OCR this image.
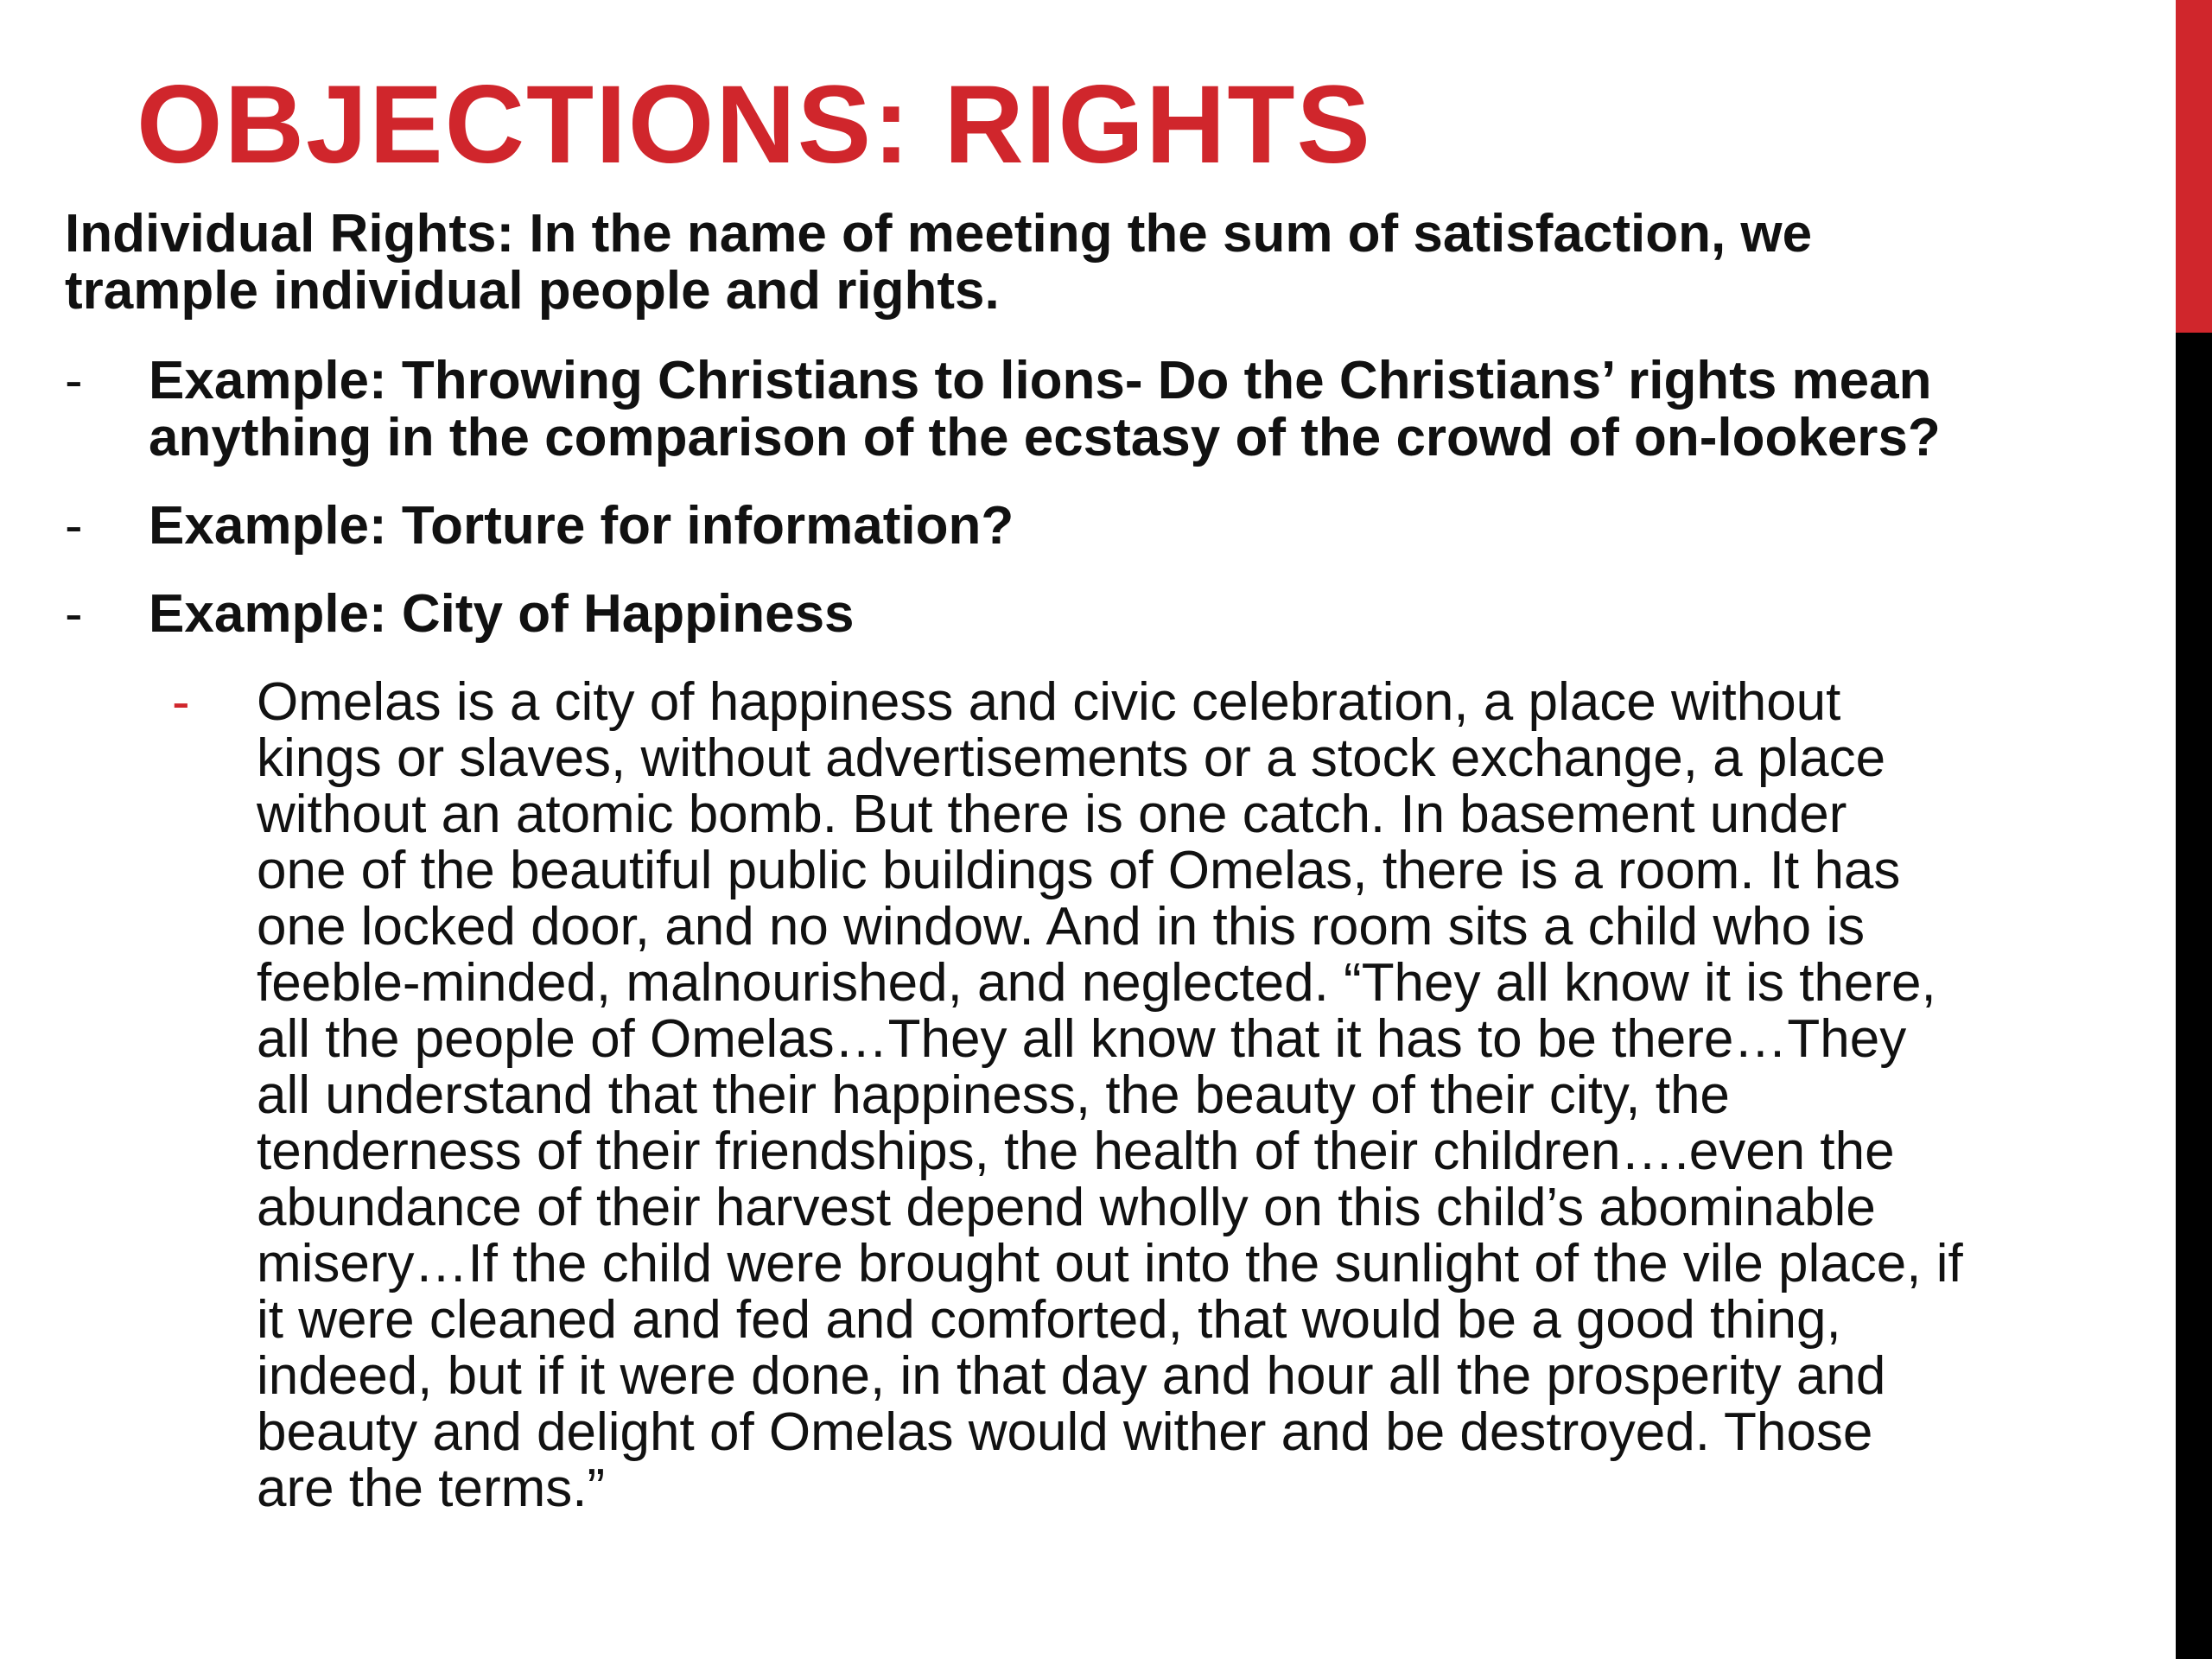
OBJECTIONS: RIGHTS

Individual Rights: In the name of meeting the sum of satisfaction, we
trample individual people and rights.

-	Example: Throwing Christians to lions- Do the Christians’ rights mean
anything in the comparison of the ecstasy of the crowd of on-lookers?
-	Example: Torture for information?
-	Example: City of Happiness
- Omelas is a city of happiness and civic celebration, a place without
kings or slaves, without advertisements or a stock exchange, a place
without an atomic bomb. But there is one catch. In basement under
one of the beautiful public buildings of Omelas, there is a room. It has
one locked door, and no window. And in this room sits a child who is
feeble-minded, malnourished, and neglected. “They all know it is there,
all the people of Omelas…They all know that it has to be there…They
all understand that their happiness, the beauty of their city, the
tenderness of their friendships, the health of their children….even the
abundance of their harvest depend wholly on this child’s abominable
misery…If the child were brought out into the sunlight of the vile place, if
it were cleaned and fed and comforted, that would be a good thing,
indeed, but if it were done, in that day and hour all the prosperity and
beauty and delight of Omelas would wither and be destroyed. Those
are the terms.”
